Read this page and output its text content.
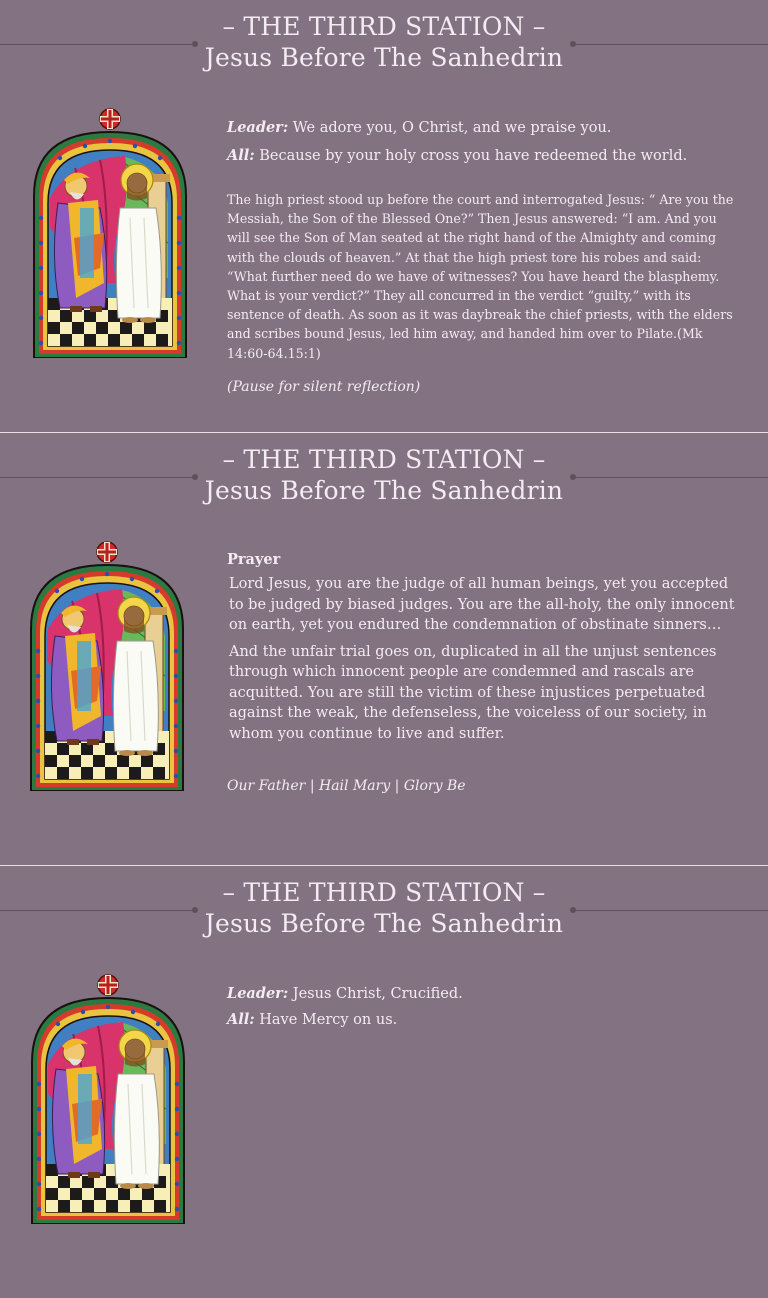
– THE THIRD STATION –
Jesus Before The Sanhedrin

Leader: We adore you, O Christ, and we praise you.

All: Because by your holy cross you have redeemed the world.

The high priest stood up before the court and interrogated Jesus: “ Are you the Messiah, the Son of the Blessed One?” Then Jesus answered: “I am. And you will see the Son of Man seated at the right hand of the Almighty and coming with the clouds of heaven.” At that the high priest tore his robes and said: “What further need do we have of witnesses? You have heard the blasphemy. What is your verdict?” They all concurred in the verdict “guilty,” with its sentence of death. As soon as it was daybreak the chief priests, with the elders and scribes bound Jesus, led him away, and handed him over to Pilate.(Mk 14:60-64.15:1)

(Pause for silent reflection)

– THE THIRD STATION –
Jesus Before The Sanhedrin

Prayer

Lord Jesus, you are the judge of all human beings, yet you accepted to be judged by biased judges. You are the all-holy, the only innocent on earth, yet you endured the condemnation of obstinate sinners…

And the unfair trial goes on, duplicated in all the unjust sentences through which innocent people are condemned and rascals are acquitted. You are still the victim of these injustices perpetuated against the weak, the defenseless, the voiceless of our society, in whom you continue to live and suffer.

Our Father | Hail Mary | Glory Be

– THE THIRD STATION –
Jesus Before The Sanhedrin

Leader: Jesus Christ, Crucified.

All: Have Mercy on us.
